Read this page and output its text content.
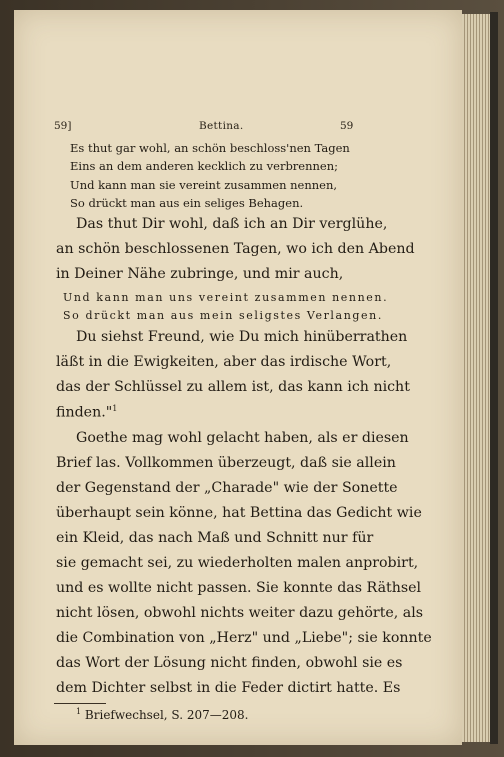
59]	Bettina.	59
Es thut gar wohl, an schön beschloss'nen Tagen
Eins an dem anderen kecklich zu verbrennen;
Und kann man sie vereint zusammen nennen,
So drückt man aus ein seliges Behagen.
Das thut Dir wohl, daß ich an Dir verglühe,
an schön beschlossenen Tagen, wo ich den Abend
in Deiner Nähe zubringe, und mir auch,
Und kann man uns vereint zusammen nennen.
So drückt man aus mein seligstes Verlangen.
Du siehst Freund, wie Du mich hinüberrathen
läßt in die Ewigkeiten, aber das irdische Wort,
das der Schlüssel zu allem ist, das kann ich nicht
finden."$^1$
Goethe mag wohl gelacht haben, als er diesen
Brief las. Vollkommen überzeugt, daß sie allein
der Gegenstand der „Charade" wie der Sonette
überhaupt sein könne, hat Bettina das Gedicht wie
ein Kleid, das nach Maß und Schnitt nur für
sie gemacht sei, zu wiederholten malen anprobirt,
und es wollte nicht passen. Sie konnte das Räthsel
nicht lösen, obwohl nichts weiter dazu gehörte, als
die Combination von „Herz" und „Liebe"; sie konnte
das Wort der Lösung nicht finden, obwohl sie es
dem Dichter selbst in die Feder dictirt hatte. Es
$^1$ Briefwechsel, S. 207—208.
